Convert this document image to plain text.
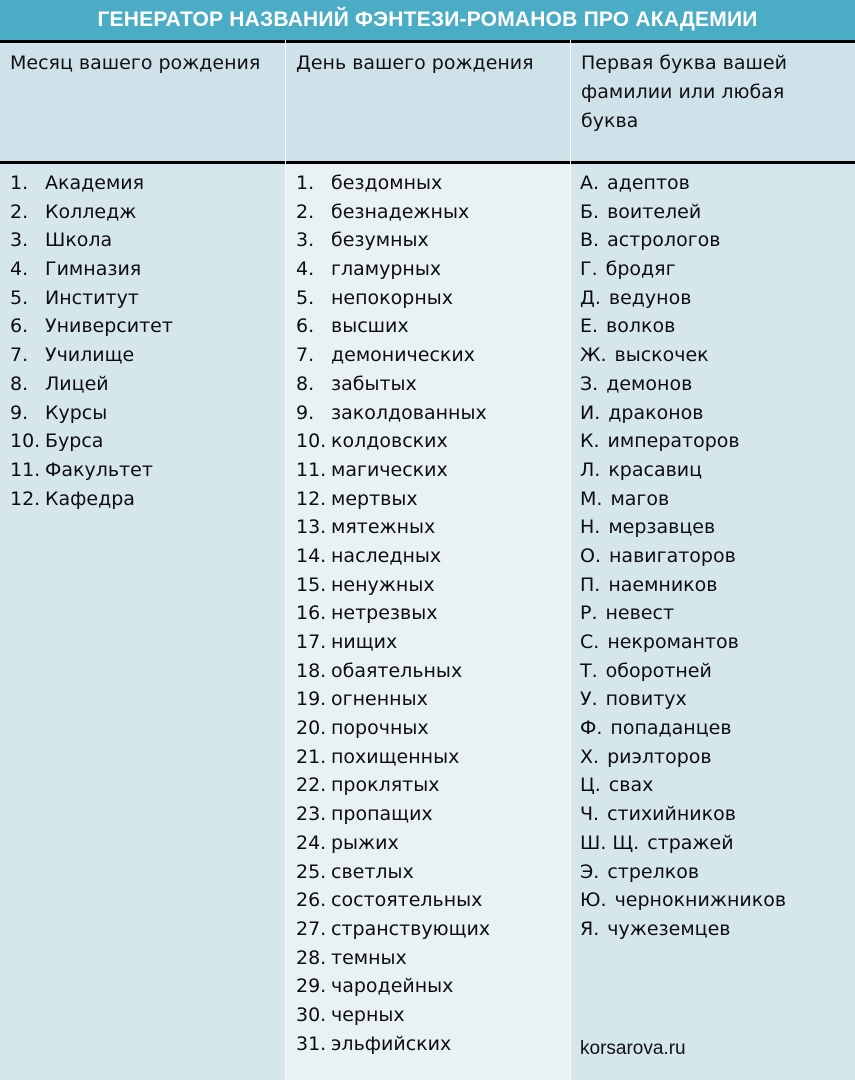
ГЕНЕРАТОР НАЗВАНИЙ ФЭНТЕЗИ-РОМАНОВ ПРО АКАДЕМИИ
Месяц вашего рождения
1. Академия
2. Колледж
3. Школа
4. Гимназия
5. Институт
6. Университет
7. Училище
8. Лицей
9. Курсы
10. Бурса
11. Факультет
12. Кафедра
День вашего рождения
1. бездомных
2. безнадежных
3. безумных
4. гламурных
5. непокорных
6. высших
7. демонических
8. забытых
9. заколдованных
10. колдовских
11. магических
12. мертвых
13. мятежных
14. наследных
15. ненужных
16. нетрезвых
17. нищих
18. обаятельных
19. огненных
20. порочных
21. похищенных
22. проклятых
23. пропащих
24. рыжих
25. светлых
26. состоятельных
27. странствующих
28. темных
29. чародейных
30. черных
31. эльфийских
Первая буква вашей фамилии или любая буква
А. адептов
Б. воителей
В. астрологов
Г. бродяг
Д. ведунов
Е. волков
Ж. выскочек
З. демонов
И. драконов
К. императоров
Л. красавиц
М. магов
Н. мерзавцев
О. навигаторов
П. наемников
Р. невест
С. некромантов
Т. оборотней
У. повитух
Ф. попаданцев
Х. риэлторов
Ц. свах
Ч. стихийников
Ш. Щ. стражей
Э. стрелков
Ю. чернокнижников
Я. чужеземцев
korsarova.ru
